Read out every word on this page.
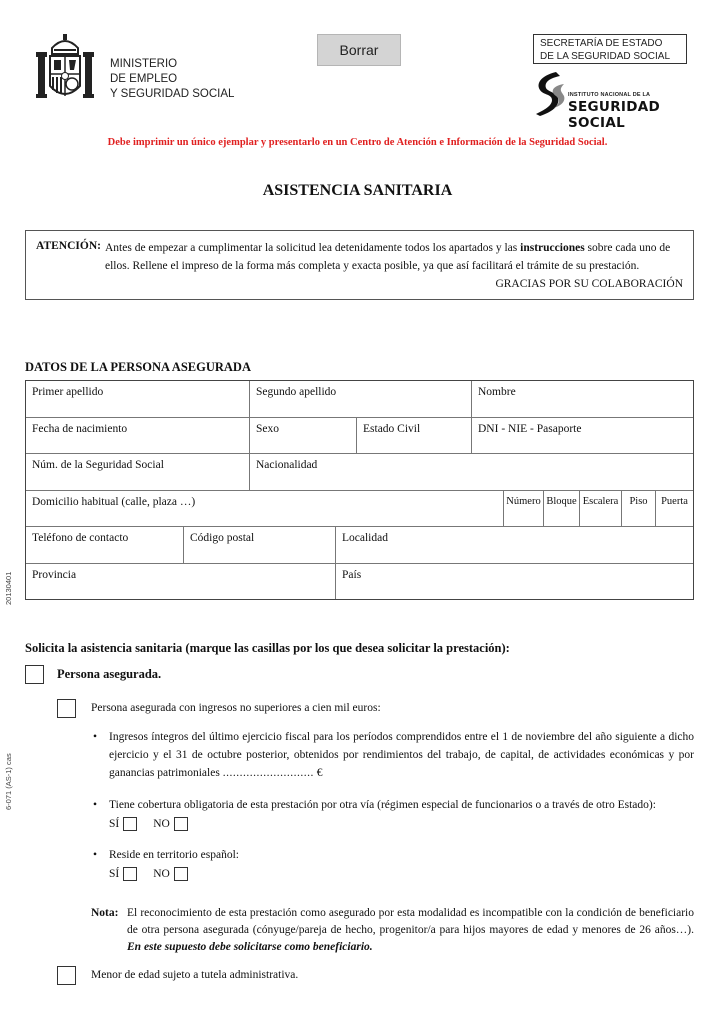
MINISTERIO
DE EMPLEO
Y SEGURIDAD SOCIAL
Borrar	SECRETARÍA DE ESTADO
DE LA SEGURIDAD SOCIAL
INSTITUTO NACIONAL DE LA
SEGURIDAD SOCIAL
Debe imprimir un único ejemplar y presentarlo en un Centro de Atención e Información de la Seguridad Social.
ASISTENCIA SANITARIA
ATENCIÓN: Antes de empezar a cumplimentar la solicitud lea detenidamente todos los apartados y las instrucciones sobre cada uno de ellos. Rellene el impreso de la forma más completa y exacta posible, ya que así facilitará el trámite de su prestación.
GRACIAS POR SU COLABORACIÓN
DATOS DE LA PERSONA ASEGURADA
Primer apellido	Segundo apellido	Nombre
Fecha de nacimiento	Sexo	Estado Civil	DNI - NIE - Pasaporte
Núm. de la Seguridad Social	Nacionalidad
Domicilio habitual (calle, plaza …)	Número Bloque Escalera	Piso	Puerta
Teléfono de contacto	Código postal	Localidad
Provincia	País
20130401
6-071 (AS-1) cas
Solicita la asistencia sanitaria (marque las casillas por los que desea solicitar la prestación):
Persona asegurada.
Persona asegurada con ingresos no superiores a cien mil euros:
• Ingresos íntegros del último ejercicio fiscal para los períodos comprendidos entre el 1 de noviembre del año siguiente a dicho ejercicio y el 31 de octubre posterior, obtenidos por rendimientos del trabajo, de capital, de actividades económicas y por ganancias patrimoniales ........................... €
• Tiene cobertura obligatoria de esta prestación por otra vía (régimen especial de funcionarios o a través de otro Estado):
SÍ	NO
• Reside en territorio español:
SÍ	NO
Nota: El reconocimiento de esta prestación como asegurado por esta modalidad es incompatible con la condición de beneficiario de otra persona asegurada (cónyuge/pareja de hecho, progenitor/a para hijos mayores de edad y menores de 26 años…). En este supuesto debe solicitarse como beneficiario.
Menor de edad sujeto a tutela administrativa.
